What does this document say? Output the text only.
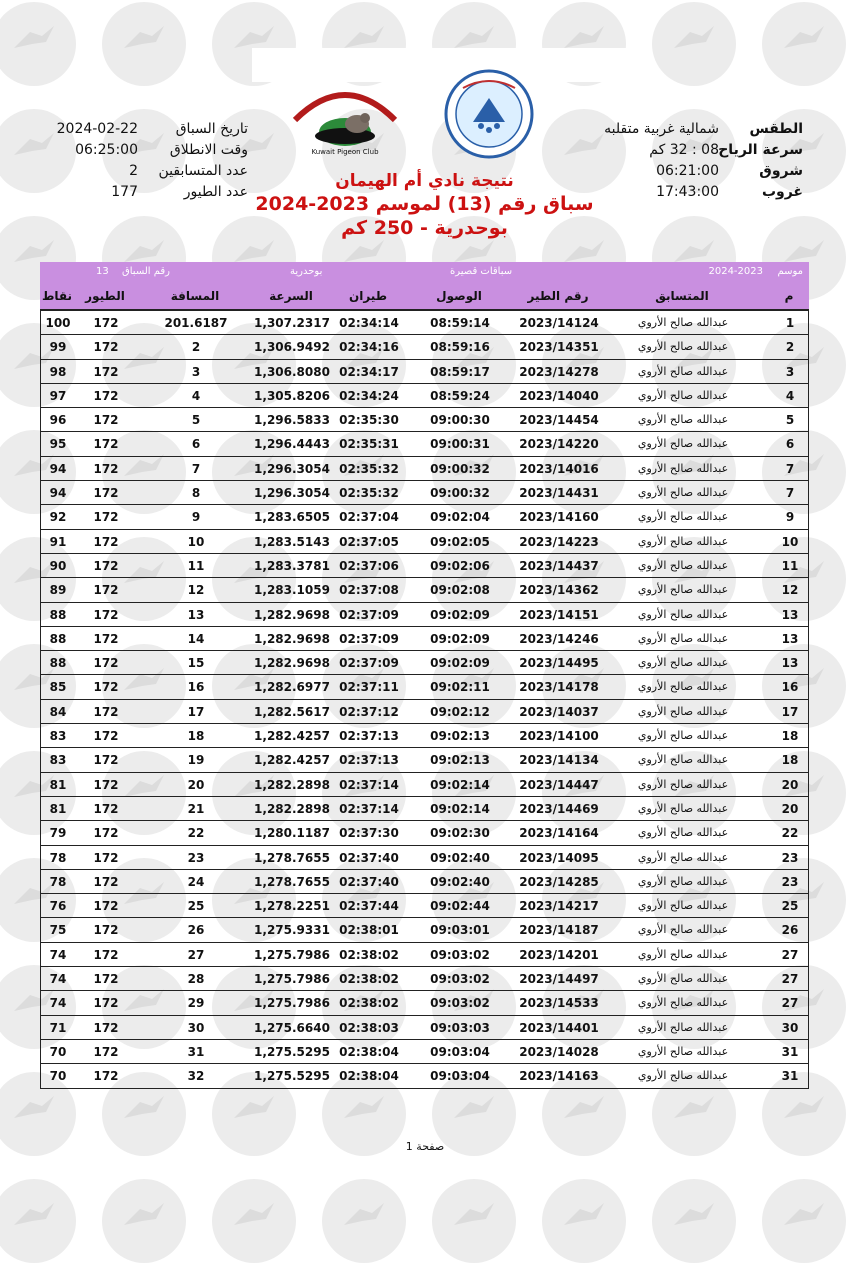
Kuwait Pigeon Club
الطقس
شمالية غربية متقلبه
سرعة الرياح
08 : 32 كم
شروق
06:21:00
غروب
17:43:00
تاريخ السباق
2024-02-22
وقت الانطلاق
06:25:00
عدد المتسابقين
2
عدد الطيور
177
نتيجة نادي أم الهيمان
سباق رقم (13) لموسم 2023-2024
بوحدرية - 250 كم
موسم
2024-2023
سباقات قصيرة
بوحدرية
رقم السباق
13
م
المتسابق
رقم الطير
الوصول
طيران
السرعة
المسافة
الطيور
نقاط
1
عبدالله صالح الأروي
2023/14124
08:59:14
02:34:14
1,307.2317
201.6187
172
100
2
عبدالله صالح الأروي
2023/14351
08:59:16
02:34:16
1,306.9492
2
172
99
3
عبدالله صالح الأروي
2023/14278
08:59:17
02:34:17
1,306.8080
3
172
98
4
عبدالله صالح الأروي
2023/14040
08:59:24
02:34:24
1,305.8206
4
172
97
5
عبدالله صالح الأروي
2023/14454
09:00:30
02:35:30
1,296.5833
5
172
96
6
عبدالله صالح الأروي
2023/14220
09:00:31
02:35:31
1,296.4443
6
172
95
7
عبدالله صالح الأروي
2023/14016
09:00:32
02:35:32
1,296.3054
7
172
94
7
عبدالله صالح الأروي
2023/14431
09:00:32
02:35:32
1,296.3054
8
172
94
9
عبدالله صالح الأروي
2023/14160
09:02:04
02:37:04
1,283.6505
9
172
92
10
عبدالله صالح الأروي
2023/14223
09:02:05
02:37:05
1,283.5143
10
172
91
11
عبدالله صالح الأروي
2023/14437
09:02:06
02:37:06
1,283.3781
11
172
90
12
عبدالله صالح الأروي
2023/14362
09:02:08
02:37:08
1,283.1059
12
172
89
13
عبدالله صالح الأروي
2023/14151
09:02:09
02:37:09
1,282.9698
13
172
88
13
عبدالله صالح الأروي
2023/14246
09:02:09
02:37:09
1,282.9698
14
172
88
13
عبدالله صالح الأروي
2023/14495
09:02:09
02:37:09
1,282.9698
15
172
88
16
عبدالله صالح الأروي
2023/14178
09:02:11
02:37:11
1,282.6977
16
172
85
17
عبدالله صالح الأروي
2023/14037
09:02:12
02:37:12
1,282.5617
17
172
84
18
عبدالله صالح الأروي
2023/14100
09:02:13
02:37:13
1,282.4257
18
172
83
18
عبدالله صالح الأروي
2023/14134
09:02:13
02:37:13
1,282.4257
19
172
83
20
عبدالله صالح الأروي
2023/14447
09:02:14
02:37:14
1,282.2898
20
172
81
20
عبدالله صالح الأروي
2023/14469
09:02:14
02:37:14
1,282.2898
21
172
81
22
عبدالله صالح الأروي
2023/14164
09:02:30
02:37:30
1,280.1187
22
172
79
23
عبدالله صالح الأروي
2023/14095
09:02:40
02:37:40
1,278.7655
23
172
78
23
عبدالله صالح الأروي
2023/14285
09:02:40
02:37:40
1,278.7655
24
172
78
25
عبدالله صالح الأروي
2023/14217
09:02:44
02:37:44
1,278.2251
25
172
76
26
عبدالله صالح الأروي
2023/14187
09:03:01
02:38:01
1,275.9331
26
172
75
27
عبدالله صالح الأروي
2023/14201
09:03:02
02:38:02
1,275.7986
27
172
74
27
عبدالله صالح الأروي
2023/14497
09:03:02
02:38:02
1,275.7986
28
172
74
27
عبدالله صالح الأروي
2023/14533
09:03:02
02:38:02
1,275.7986
29
172
74
30
عبدالله صالح الأروي
2023/14401
09:03:03
02:38:03
1,275.6640
30
172
71
31
عبدالله صالح الأروي
2023/14028
09:03:04
02:38:04
1,275.5295
31
172
70
31
عبدالله صالح الأروي
2023/14163
09:03:04
02:38:04
1,275.5295
32
172
70
صفحة 1
